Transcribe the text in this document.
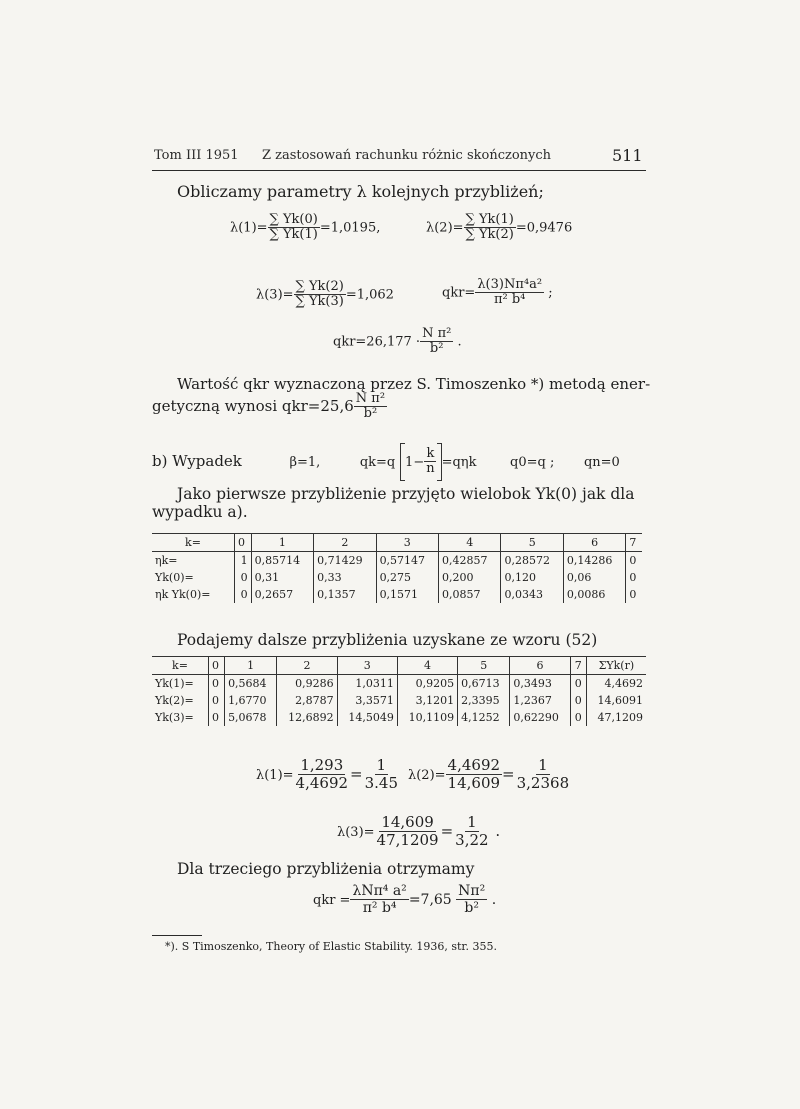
Tom III 1951 Z zastosowań rachunku różnic skończonych	511
Obliczamy parametry λ kolejnych przybliżeń;
$\lambda(1)= \frac{\sum Yk(0)}{\sum Yk(1)} =1,0195$,	$\lambda(2)= \frac{\sum Yk(1)}{\sum Yk(2)} =0,9476$
$\lambda(3)= \frac{\sum Yk(2)}{\sum Yk(3)} =1,062$	$qkr= \frac{\text{λ(3)Nπ⁴a²}}{\text{π² b⁴}}$ ;
$qkr=26,177 \cdot \frac{\text{N π²}}{\text{b²}}$ .
Wartość qkr wyznaczoną przez S. Timoszenko *) metodą ener-
getyczną wynosi $qkr=25,6 \frac{\text{N π²}}{\text{b²}}$
b) Wypadek	β=1,	qk=q $1- \frac{k}{n} =q\eta k$	q0=q ; qn=0
Jako pierwsze przybliżenie przyjęto wielobok Yk(0) jak dla
wypadku a).
k=	0	1	2	3	4	5	6	7
ηk=	1	0,85714	0,71429	0,57147	0,42857	0,28572	0,14286	0
Yk(0)=	0	0,31	0,33	0,275	0,200	0,120	0,06	0
ηk Yk(0)=	0	0,2657	0,1357	0,1571	0,0857	0,0343	0,0086	0
Podajemy dalsze przybliżenia uzyskane ze wzoru (52)
k=	0	1	2	3	4	5	6	7	ΣYk(r)
Yk(1)=	0	0,5684	0,9286	1,0311	0,9205	0,6713	0,3493	0	4,4692
Yk(2)=	0	1,6770	2,8787	3,3571	3,1201	2,3395	1,2367	0	14,6091
Yk(3)=	0	5,0678	12,6892	14,5049	10,1109	4,1252	0,62290	0	47,1209
$\lambda(1)= \frac{1,293}{4,4692} = \frac{1}{3.45} \lambda(2)= \frac{4,4692}{14,609} = \frac{1}{3,2368}$
$\lambda(3)= \frac{14,609}{47,1209} = \frac{1}{3,22}$ .
Dla trzeciego przybliżenia otrzymamy
qkr = $\frac{\text{λNπ⁴ a²}}{\text{π² b⁴}} =7,65 \frac{\text{Nπ²}}{\text{b²}}$ .
*). S Timoszenko, Theory of Elastic Stability. 1936, str. 355.
